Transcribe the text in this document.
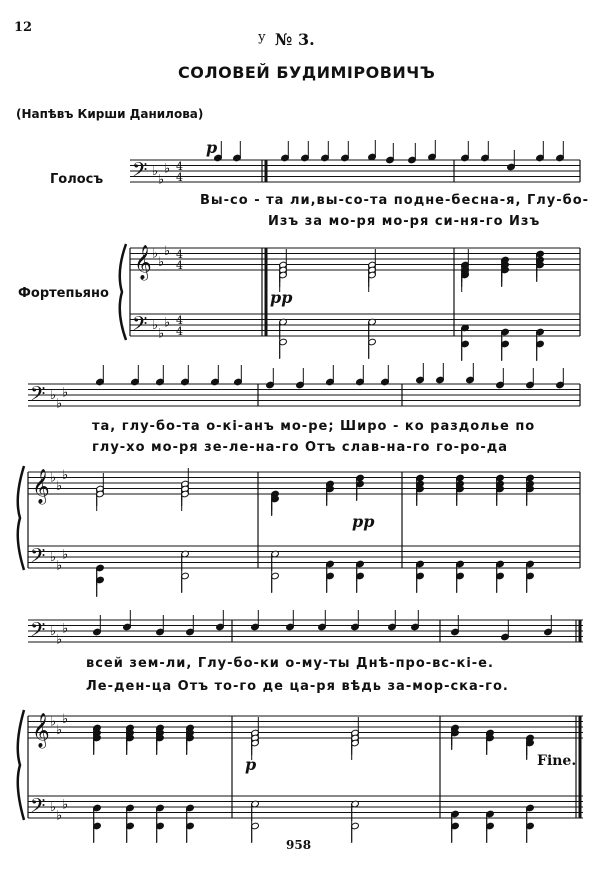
12
у № 3.
СОЛОВЕЙ БУДИМІРОВИЧЪ
(Напѣвъ Кирши Данилова)
Голосъ
Фортепьяно
𝄢
𝄞
𝄢
♭
♭
♭
♭
♭
♭
♭
♭
♭
4
4
4
4
4
4
𝄢
𝄞
𝄢
♭
♭
♭
♭
♭
♭
♭
♭
♭
𝄢
𝄞
𝄢
♭
♭
♭
♭
♭
♭
♭
♭
♭
p
pp
Вы-со - та ли,вы-со-та подне-бесна-я, Глу-бо-
Изъ за мо-ря мо-ря си-ня-го Изъ
pp
та, глу-бо-та о-кі-анъ мо-ре; Широ - ко раздолье по
глу-хо мо-ря зе-ле-на-го Отъ слав-на-го го-ро-да
p
всей зем-ли, Глу-бо-ки о-му-ты Днѣ-про-вс-кі-е.
Ле-ден-ца Отъ то-го де ца-ря вѣдь за-мор-ска-го.
Fine.
958
